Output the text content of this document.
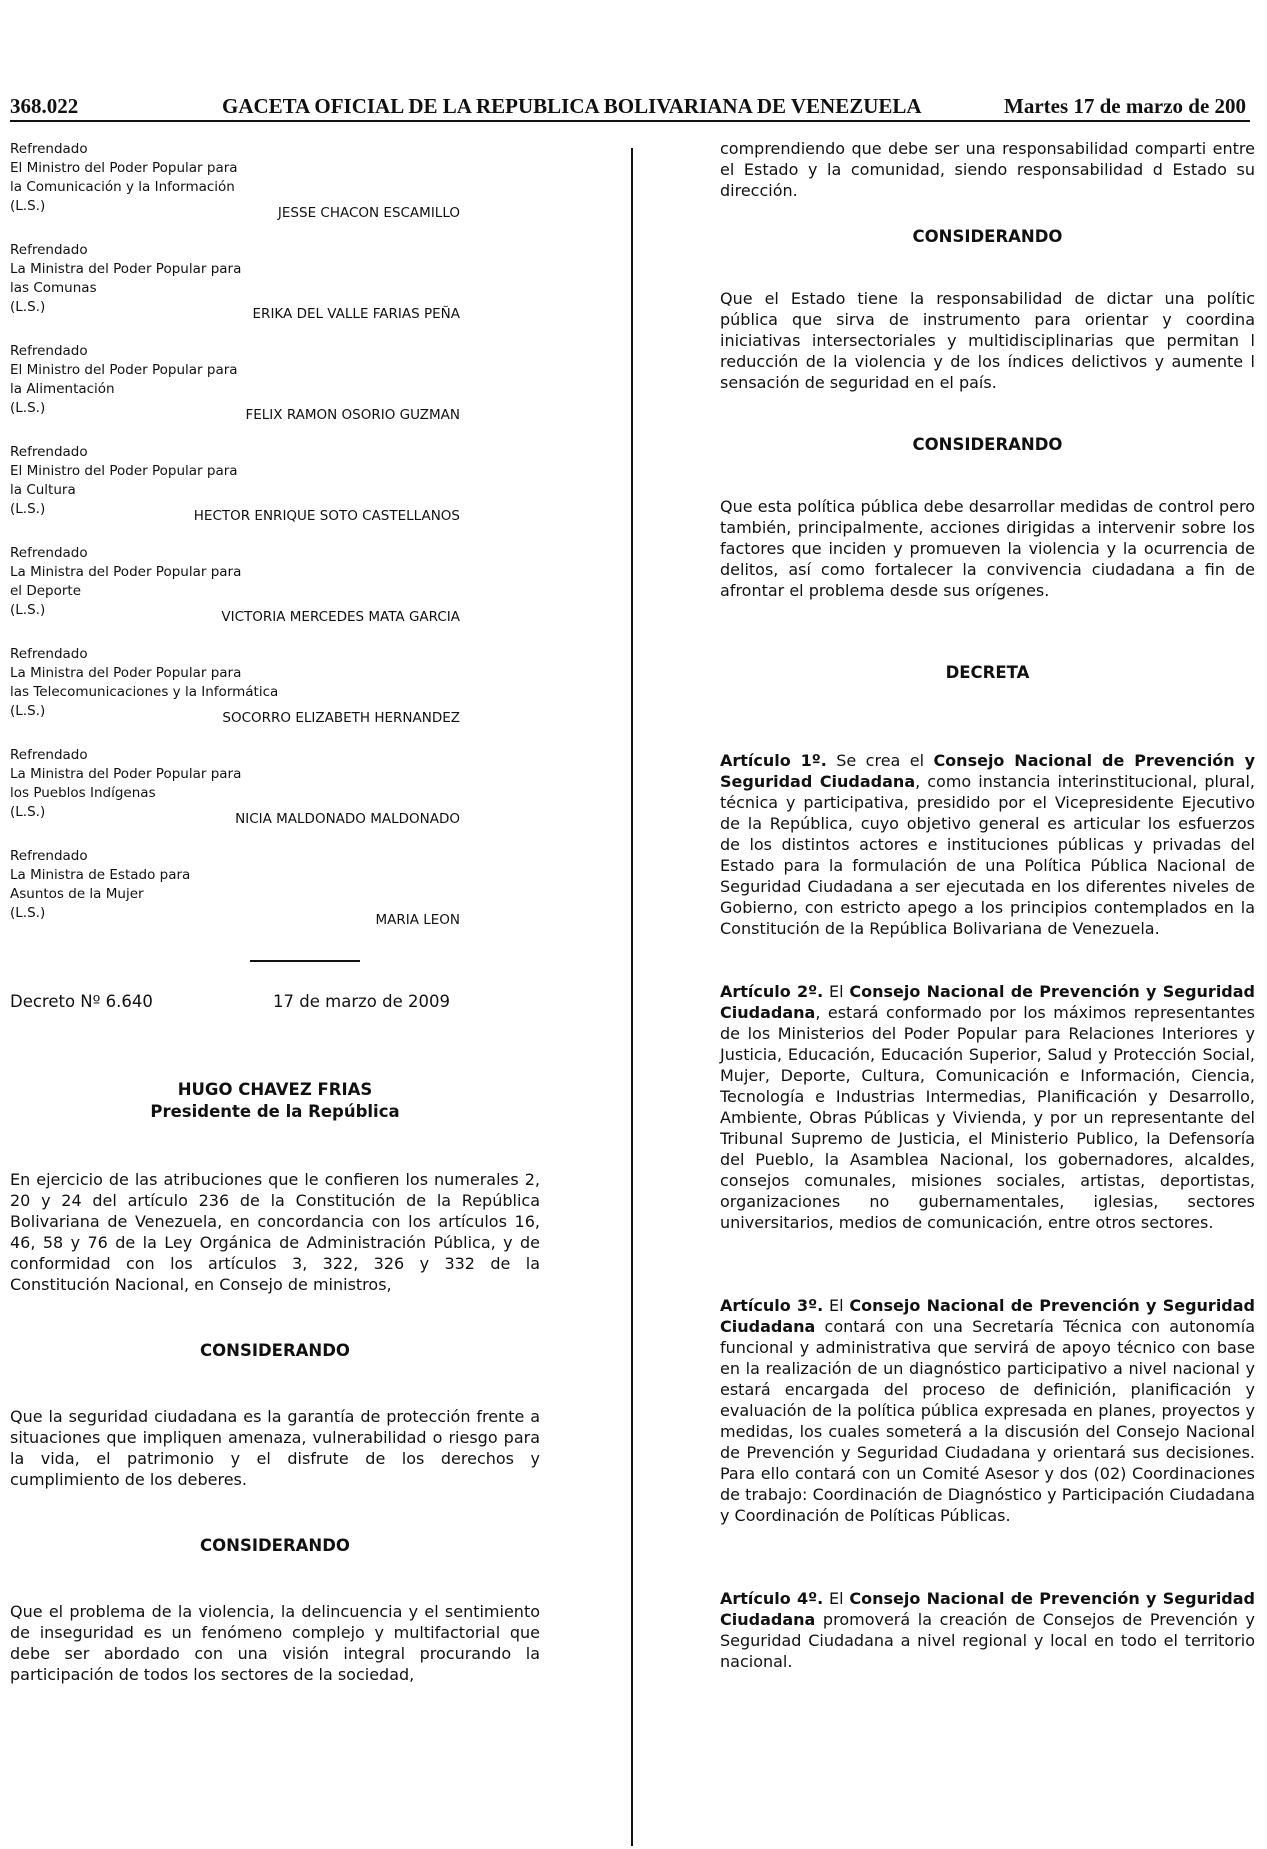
368.022	GACETA OFICIAL DE LA REPUBLICA BOLIVARIANA DE VENEZUELA	Martes 17 de marzo de 200
Refrendado
El Ministro del Poder Popular para
la Comunicación y la Información
(L.S.)	JESSE CHACON ESCAMILLO
Refrendado
La Ministra del Poder Popular para
las Comunas
(L.S.)	ERIKA DEL VALLE FARIAS PEÑA
Refrendado
El Ministro del Poder Popular para
la Alimentación
(L.S.)	FELIX RAMON OSORIO GUZMAN
Refrendado
El Ministro del Poder Popular para
la Cultura
(L.S.)	HECTOR ENRIQUE SOTO CASTELLANOS
Refrendado
La Ministra del Poder Popular para
el Deporte
(L.S.)	VICTORIA MERCEDES MATA GARCIA
Refrendado
La Ministra del Poder Popular para
las Telecomunicaciones y la Informática
(L.S.)	SOCORRO ELIZABETH HERNANDEZ
Refrendado
La Ministra del Poder Popular para
los Pueblos Indígenas
(L.S.)	NICIA MALDONADO MALDONADO
Refrendado
La Ministra de Estado para
Asuntos de la Mujer
(L.S.)	MARIA LEON
Decreto Nº 6.640	17 de marzo de 2009
HUGO CHAVEZ FRIAS
Presidente de la República

En ejercicio de las atribuciones que le confieren los numerales 2, 20 y 24 del artículo 236 de la Constitución de la República Bolivariana de Venezuela, en concordancia con los artículos 16, 46, 58 y 76 de la Ley Orgánica de Administración Pública, y de conformidad con los artículos 3, 322, 326 y 332 de la Constitución Nacional, en Consejo de ministros,

CONSIDERANDO

Que la seguridad ciudadana es la garantía de protección frente a situaciones que impliquen amenaza, vulnerabilidad o riesgo para la vida, el patrimonio y el disfrute de los derechos y cumplimiento de los deberes.

CONSIDERANDO

Que el problema de la violencia, la delincuencia y el sentimiento de inseguridad es un fenómeno complejo y multifactorial que debe ser abordado con una visión integral procurando la participación de todos los sectores de la sociedad,

comprendiendo que debe ser una responsabilidad comparti entre el Estado y la comunidad, siendo responsabilidad d Estado su dirección.

CONSIDERANDO

Que el Estado tiene la responsabilidad de dictar una polític pública que sirva de instrumento para orientar y coordina iniciativas intersectoriales y multidisciplinarias que permitan l reducción de la violencia y de los índices delictivos y aumente l sensación de seguridad en el país.

CONSIDERANDO

Que esta política pública debe desarrollar medidas de control pero también, principalmente, acciones dirigidas a intervenir sobre los factores que inciden y promueven la violencia y la ocurrencia de delitos, así como fortalecer la convivencia ciudadana a fin de afrontar el problema desde sus orígenes.

DECRETA

Artículo 1º. Se crea el Consejo Nacional de Prevención y Seguridad Ciudadana, como instancia interinstitucional, plural, técnica y participativa, presidido por el Vicepresidente Ejecutivo de la República, cuyo objetivo general es articular los esfuerzos de los distintos actores e instituciones públicas y privadas del Estado para la formulación de una Política Pública Nacional de Seguridad Ciudadana a ser ejecutada en los diferentes niveles de Gobierno, con estricto apego a los principios contemplados en la Constitución de la República Bolivariana de Venezuela.

Artículo 2º. El Consejo Nacional de Prevención y Seguridad Ciudadana, estará conformado por los máximos representantes de los Ministerios del Poder Popular para Relaciones Interiores y Justicia, Educación, Educación Superior, Salud y Protección Social, Mujer, Deporte, Cultura, Comunicación e Información, Ciencia, Tecnología e Industrias Intermedias, Planificación y Desarrollo, Ambiente, Obras Públicas y Vivienda, y por un representante del Tribunal Supremo de Justicia, el Ministerio Publico, la Defensoría del Pueblo, la Asamblea Nacional, los gobernadores, alcaldes, consejos comunales, misiones sociales, artistas, deportistas, organizaciones no gubernamentales, iglesias, sectores universitarios, medios de comunicación, entre otros sectores.

Artículo 3º. El Consejo Nacional de Prevención y Seguridad Ciudadana contará con una Secretaría Técnica con autonomía funcional y administrativa que servirá de apoyo técnico con base en la realización de un diagnóstico participativo a nivel nacional y estará encargada del proceso de definición, planificación y evaluación de la política pública expresada en planes, proyectos y medidas, los cuales someterá a la discusión del Consejo Nacional de Prevención y Seguridad Ciudadana y orientará sus decisiones. Para ello contará con un Comité Asesor y dos (02) Coordinaciones de trabajo: Coordinación de Diagnóstico y Participación Ciudadana y Coordinación de Políticas Públicas.

Artículo 4º. El Consejo Nacional de Prevención y Seguridad Ciudadana promoverá la creación de Consejos de Prevención y Seguridad Ciudadana a nivel regional y local en todo el territorio nacional.
